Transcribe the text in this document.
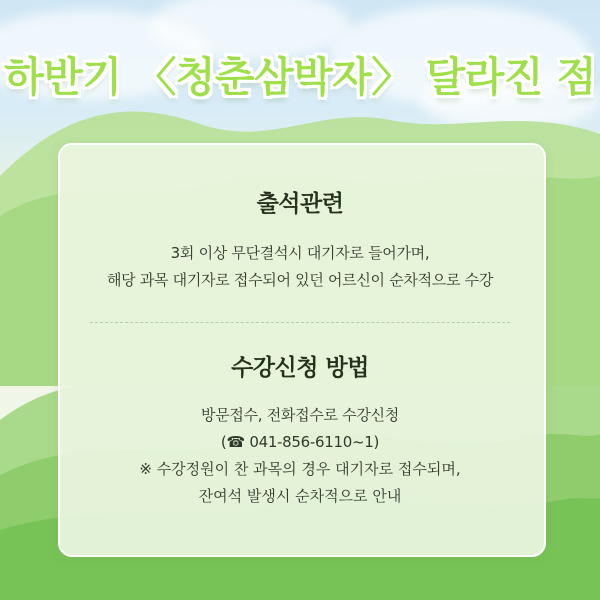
하반기 〈청춘삼박자〉 달라진 점
출석관련
3회 이상 무단결석시 대기자로 들어가며,
해당 과목 대기자로 접수되어 있던 어르신이 순차적으로 수강
수강신청 방법
방문접수, 전화접수로 수강신청
(☎ 041-856-6110~1)
※ 수강정원이 찬 과목의 경우 대기자로 접수되며,
잔여석 발생시 순차적으로 안내
